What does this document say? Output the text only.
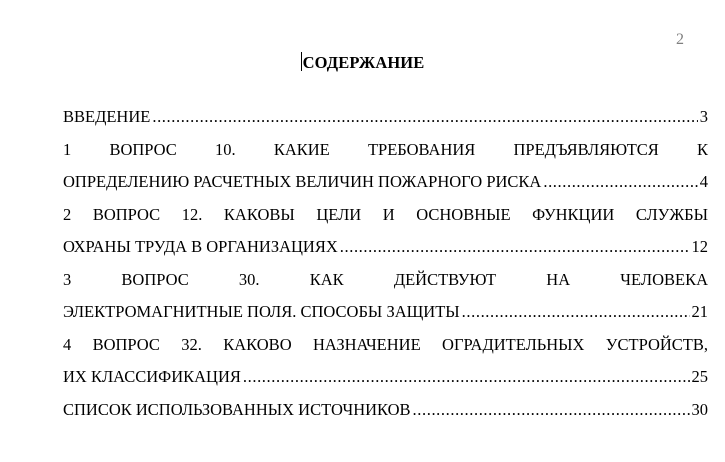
2
СОДЕРЖАНИЕ
ВВЕДЕНИЕ .....	3
1 ВОПРОС 10. КАКИЕ ТРЕБОВАНИЯ ПРЕДЪЯВЛЯЮТСЯ К
ОПРЕДЕЛЕНИЮ РАСЧЕТНЫХ ВЕЛИЧИН ПОЖАРНОГО РИСКА .....	4
2 ВОПРОС 12. КАКОВЫ ЦЕЛИ И ОСНОВНЫЕ ФУНКЦИИ СЛУЖБЫ
ОХРАНЫ ТРУДА В ОРГАНИЗАЦИЯХ .....	12
3 ВОПРОС 30. КАК ДЕЙСТВУЮТ НА ЧЕЛОВЕКА
ЭЛЕКТРОМАГНИТНЫЕ ПОЛЯ. СПОСОБЫ ЗАЩИТЫ .....	21
4 ВОПРОС 32. КАКОВО НАЗНАЧЕНИЕ ОГРАДИТЕЛЬНЫХ УСТРОЙСТВ,
ИХ КЛАССИФИКАЦИЯ .....	25
СПИСОК ИСПОЛЬЗОВАННЫХ ИСТОЧНИКОВ .....	30
